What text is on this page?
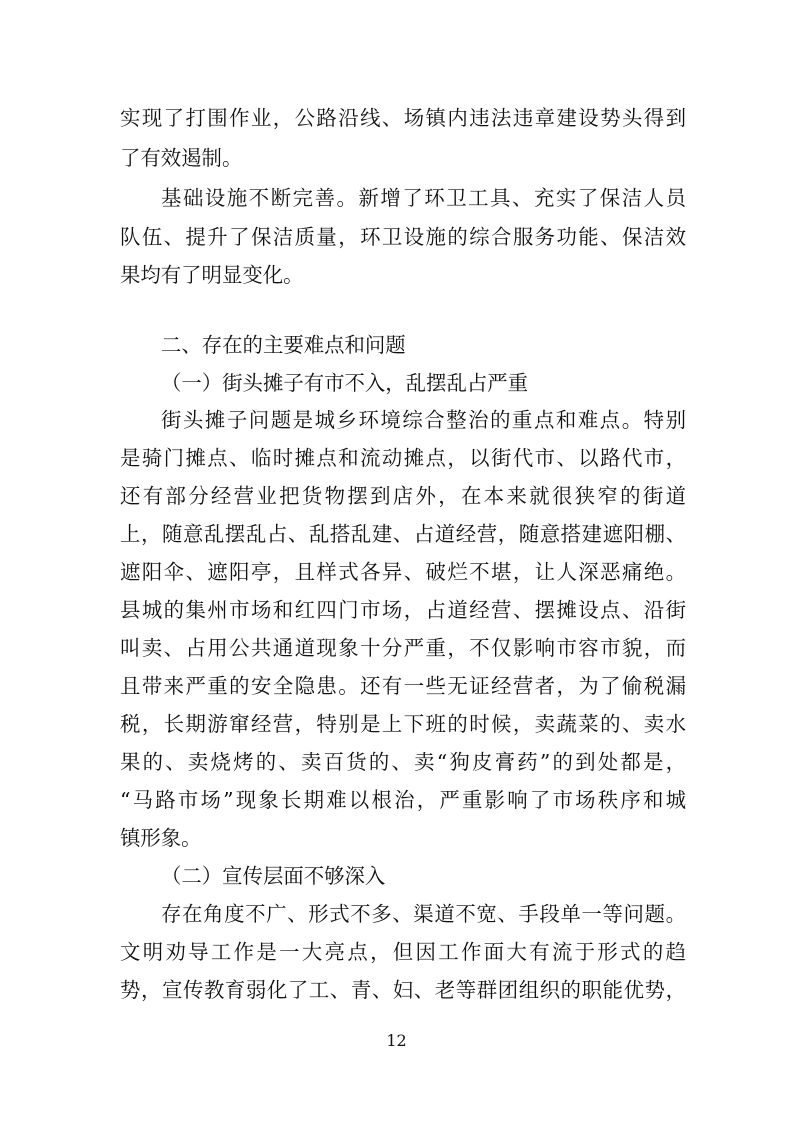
实现了打围作业，公路沿线、场镇内违法违章建设势头得到
了有效遏制。
基础设施不断完善。新增了环卫工具、充实了保洁人员
队伍、提升了保洁质量，环卫设施的综合服务功能、保洁效
果均有了明显变化。
二、存在的主要难点和问题
（一）街头摊子有市不入，乱摆乱占严重
街头摊子问题是城乡环境综合整治的重点和难点。特别
是骑门摊点、临时摊点和流动摊点，以街代市、以路代市，
还有部分经营业把货物摆到店外，在本来就很狭窄的街道
上，随意乱摆乱占、乱搭乱建、占道经营，随意搭建遮阳棚、
遮阳伞、遮阳亭，且样式各异、破烂不堪，让人深恶痛绝。
县城的集州市场和红四门市场，占道经营、摆摊设点、沿街
叫卖、占用公共通道现象十分严重，不仅影响市容市貌，而
且带来严重的安全隐患。还有一些无证经营者，为了偷税漏
税，长期游窜经营，特别是上下班的时候，卖蔬菜的、卖水
果的、卖烧烤的、卖百货的、卖“狗皮膏药”的到处都是，
“马路市场”现象长期难以根治，严重影响了市场秩序和城
镇形象。
（二）宣传层面不够深入
存在角度不广、形式不多、渠道不宽、手段单一等问题。
文明劝导工作是一大亮点，但因工作面大有流于形式的趋
势，宣传教育弱化了工、青、妇、老等群团组织的职能优势，
12
